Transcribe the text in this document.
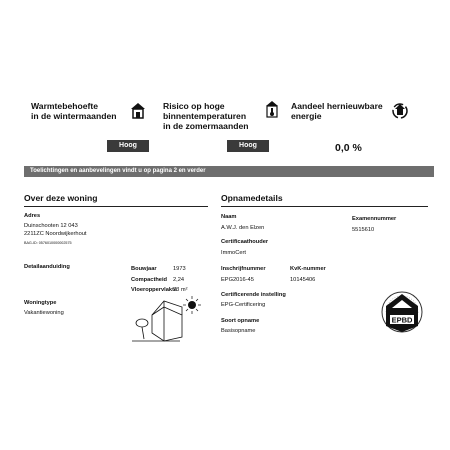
Warmtebehoefte
in de wintermaanden
Hoog
Risico op hoge
binnentemperaturen
in de zomermaanden
Hoog
Aandeel hernieuwbare
energie
0,0 %
Toelichtingen en aanbevelingen vindt u op pagina 2 en verder
Over deze woning
Adres
Duinschooten 12 043
2211ZC Noordwijkerhout
BAG-ID: 0576010000002575
Detailaanduiding
Woningtype
Vakantiewoning
Bouwjaar	1973
Compactheid 2,24
Vloeroppervlakte
73 m²
Opnamedetails
Naam
A.W.J. den Elzen
Examennummer
5515610
Certificaathouder
ImmoCert
Inschrijfnummer
EPG2016-45
KvK-nummer
10145406
Certificerende instelling
EPG-Certificering
Soort opname
Basisopname
EPBD
